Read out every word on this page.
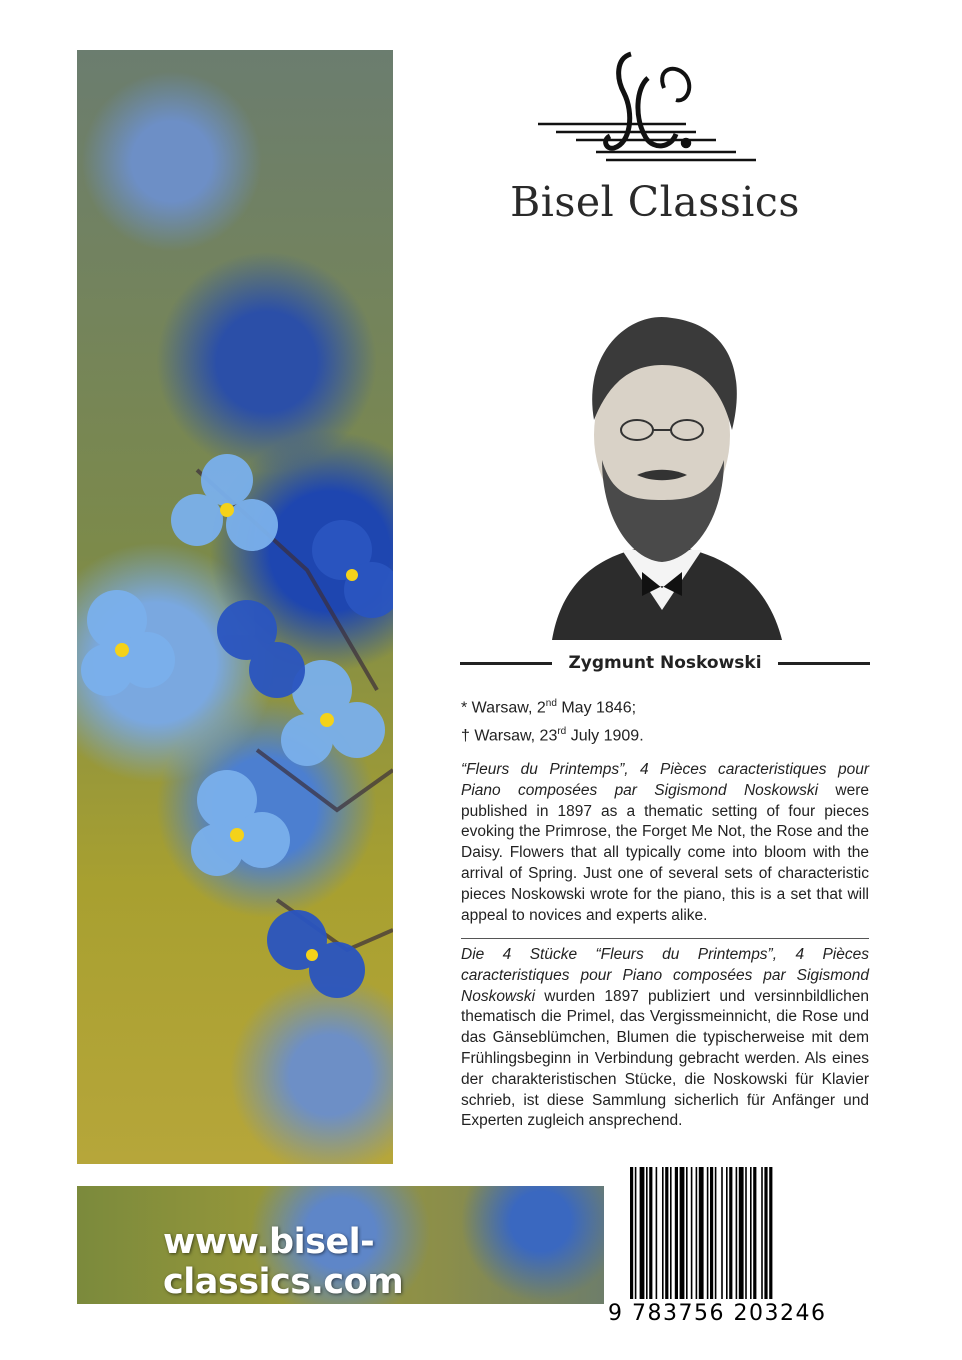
www.bisel-classics.com
Bisel Classics
Zygmunt Noskowski
* Warsaw, 2nd May 1846;
† Warsaw, 23rd July 1909.
“Fleurs du Printemps”, 4 Pièces caracteristiques pour Piano composées par Sigismond Noskowski were published in 1897 as a thematic setting of four pieces evoking the Primrose, the Forget Me Not, the Rose and the Daisy. Flowers that all typically come into bloom with the arrival of Spring. Just one of several sets of characteristic pieces Noskowski wrote for the piano, this is a set that will appeal to novices and experts alike.
Die 4 Stücke “Fleurs du Printemps”, 4 Pièces caracteristiques pour Piano composées par Sigismond Noskowski wurden 1897 publiziert und versinnbildlichen thematisch die Primel, das Vergissmeinnicht, die Rose und das Gänseblümchen, Blumen die typischerweise mit dem Frühlingsbeginn in Verbindung gebracht werden. Als eines der charakteristischen Stücke, die Noskowski für Klavier schrieb, ist diese Sammlung sicherlich für Anfänger und Experten zugleich ansprechend.
9 783756 203246
